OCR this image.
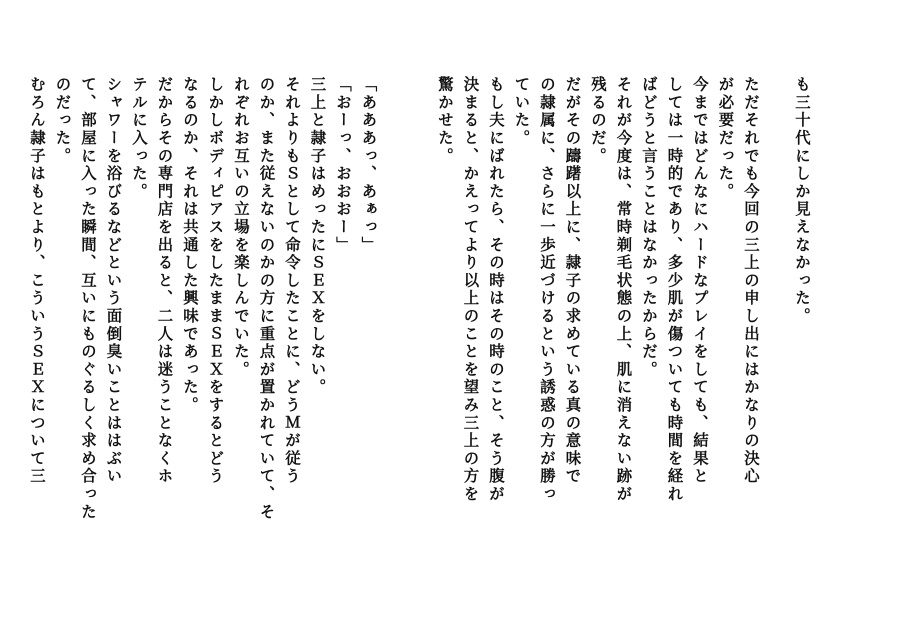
も三十代にしか見えなかった。
ただそれでも今回の三上の申し出にはかなりの決心
が必要だった。
今まではどんなにハードなプレイをしても、結果と
しては一時的であり、多少肌が傷ついても時間を経れ
ばどうと言うことはなかったからだ。
それが今度は、常時剃毛状態の上、肌に消えない跡が
残るのだ。
だがその躊躇以上に、隷子の求めている真の意味で
の隷属に、さらに一歩近づけるという誘惑の方が勝っ
ていた。
もし夫にばれたら、その時はその時のこと、そう腹が
決まると、かえってより以上のことを望み三上の方を
驚かせた。
「あああっ、あぁっ」
「おーっ、おおおー」
三上と隷子はめったにＳＥＸをしない。
それよりもＳとして命令したことに、どうＭが従う
のか、また従えないのかの方に重点が置かれていて、そ
れぞれお互いの立場を楽しんでいた。
しかしボディピアスをしたままＳＥＸをするとどう
なるのか、それは共通した興味であった。
だからその専門店を出ると、二人は迷うことなくホ
テルに入った。
シャワーを浴びるなどという面倒臭いことははぶい
て、部屋に入った瞬間、互いにものぐるしく求め合った
のだった。
むろん隷子はもとより、こういうＳＥＸについて三
